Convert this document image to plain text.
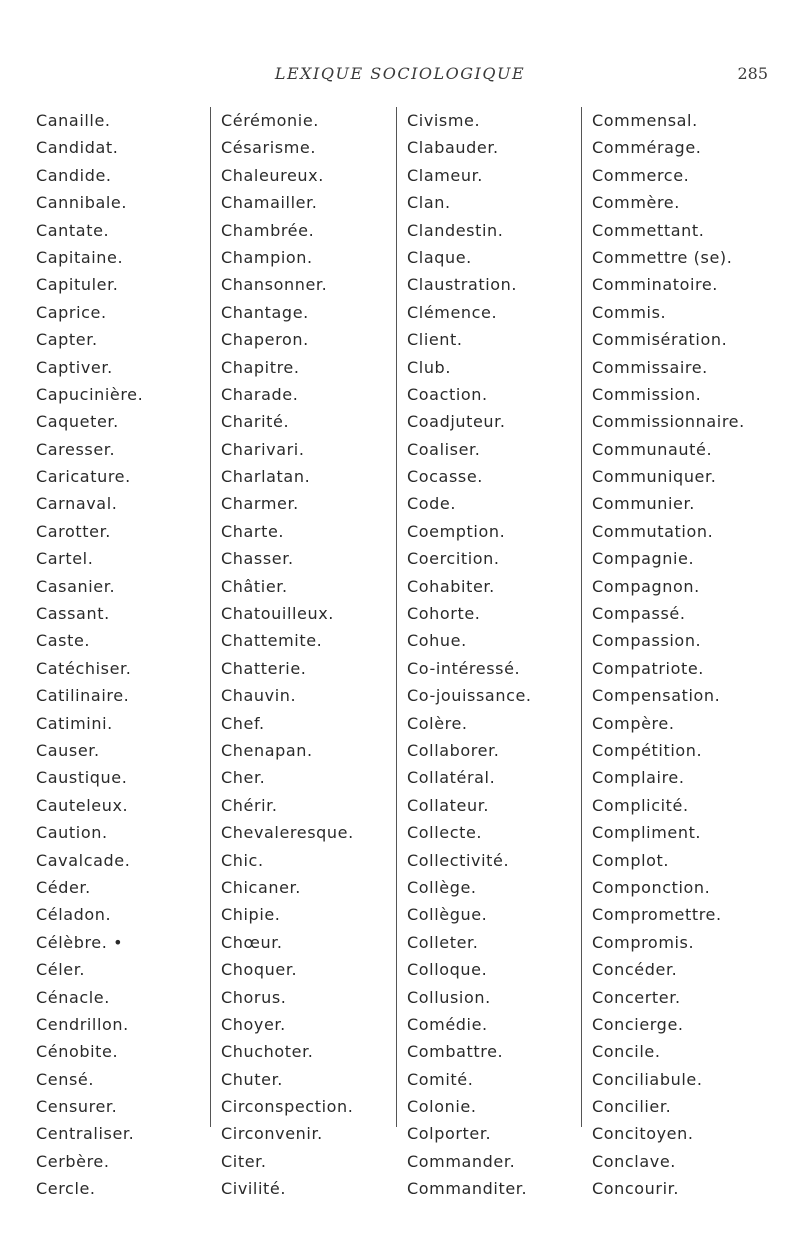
LEXIQUE SOCIOLOGIQUE	285
Canaille.
Candidat.
Candide.
Cannibale.
Cantate.
Capitaine.
Capituler.
Caprice.
Capter.
Captiver.
Capucinière.
Caqueter.
Caresser.
Caricature.
Carnaval.
Carotter.
Cartel.
Casanier.
Cassant.
Caste.
Catéchiser.
Catilinaire.
Catimini.
Causer.
Caustique.
Cauteleux.
Caution.
Cavalcade.
Céder.
Céladon.
Célèbre. •
Céler.
Cénacle.
Cendrillon.
Cénobite.
Censé.
Censurer.
Centraliser.
Cerbère.
Cercle.
Cérémonie.
Césarisme.
Chaleureux.
Chamailler.
Chambrée.
Champion.
Chansonner.
Chantage.
Chaperon.
Chapitre.
Charade.
Charité.
Charivari.
Charlatan.
Charmer.
Charte.
Chasser.
Châtier.
Chatouilleux.
Chattemite.
Chatterie.
Chauvin.
Chef.
Chenapan.
Cher.
Chérir.
Chevaleresque.
Chic.
Chicaner.
Chipie.
Chœur.
Choquer.
Chorus.
Choyer.
Chuchoter.
Chuter.
Circonspection.
Circonvenir.
Citer.
Civilité.
Civisme.
Clabauder.
Clameur.
Clan.
Clandestin.
Claque.
Claustration.
Clémence.
Client.
Club.
Coaction.
Coadjuteur.
Coaliser.
Cocasse.
Code.
Coemption.
Coercition.
Cohabiter.
Cohorte.
Cohue.
Co-intéressé.
Co-jouissance.
Colère.
Collaborer.
Collatéral.
Collateur.
Collecte.
Collectivité.
Collège.
Collègue.
Colleter.
Colloque.
Collusion.
Comédie.
Combattre.
Comité.
Colonie.
Colporter.
Commander.
Commanditer.
Commensal.
Commérage.
Commerce.
Commère.
Commettant.
Commettre (se).
Comminatoire.
Commis.
Commisération.
Commissaire.
Commission.
Commissionnaire.
Communauté.
Communiquer.
Communier.
Commutation.
Compagnie.
Compagnon.
Compassé.
Compassion.
Compatriote.
Compensation.
Compère.
Compétition.
Complaire.
Complicité.
Compliment.
Complot.
Componction.
Compromettre.
Compromis.
Concéder.
Concerter.
Concierge.
Concile.
Conciliabule.
Concilier.
Concitoyen.
Conclave.
Concourir.
